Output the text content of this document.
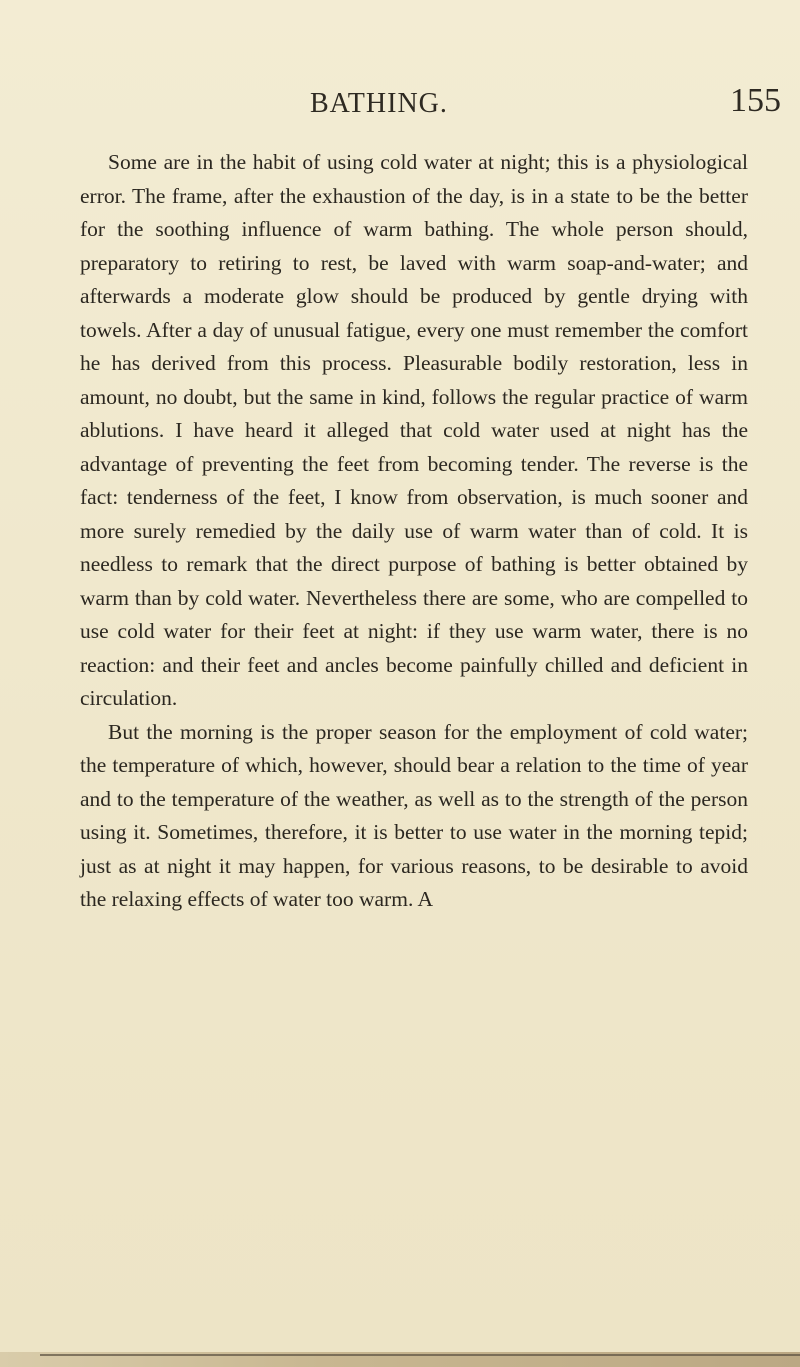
BATHING.	155

Some are in the habit of using cold water at night; this is a physiological error. The frame, after the exhaustion of the day, is in a state to be the better for the soothing influence of warm bathing. The whole person should, preparatory to retiring to rest, be laved with warm soap-and-water; and afterwards a moderate glow should be produced by gentle drying with towels. After a day of unusual fatigue, every one must remember the comfort he has derived from this process. Pleasurable bodily restoration, less in amount, no doubt, but the same in kind, follows the regular practice of warm ablutions. I have heard it alleged that cold water used at night has the advantage of preventing the feet from becoming tender. The reverse is the fact: tenderness of the feet, I know from observation, is much sooner and more surely remedied by the daily use of warm water than of cold. It is needless to remark that the direct purpose of bathing is better obtained by warm than by cold water. Nevertheless there are some, who are compelled to use cold water for their feet at night: if they use warm water, there is no reaction: and their feet and ancles become painfully chilled and deficient in circulation.

But the morning is the proper season for the employment of cold water; the temperature of which, however, should bear a relation to the time of year and to the temperature of the weather, as well as to the strength of the person using it. Sometimes, therefore, it is better to use water in the morning tepid; just as at night it may happen, for various reasons, to be desirable to avoid the relaxing effects of water too warm. A
